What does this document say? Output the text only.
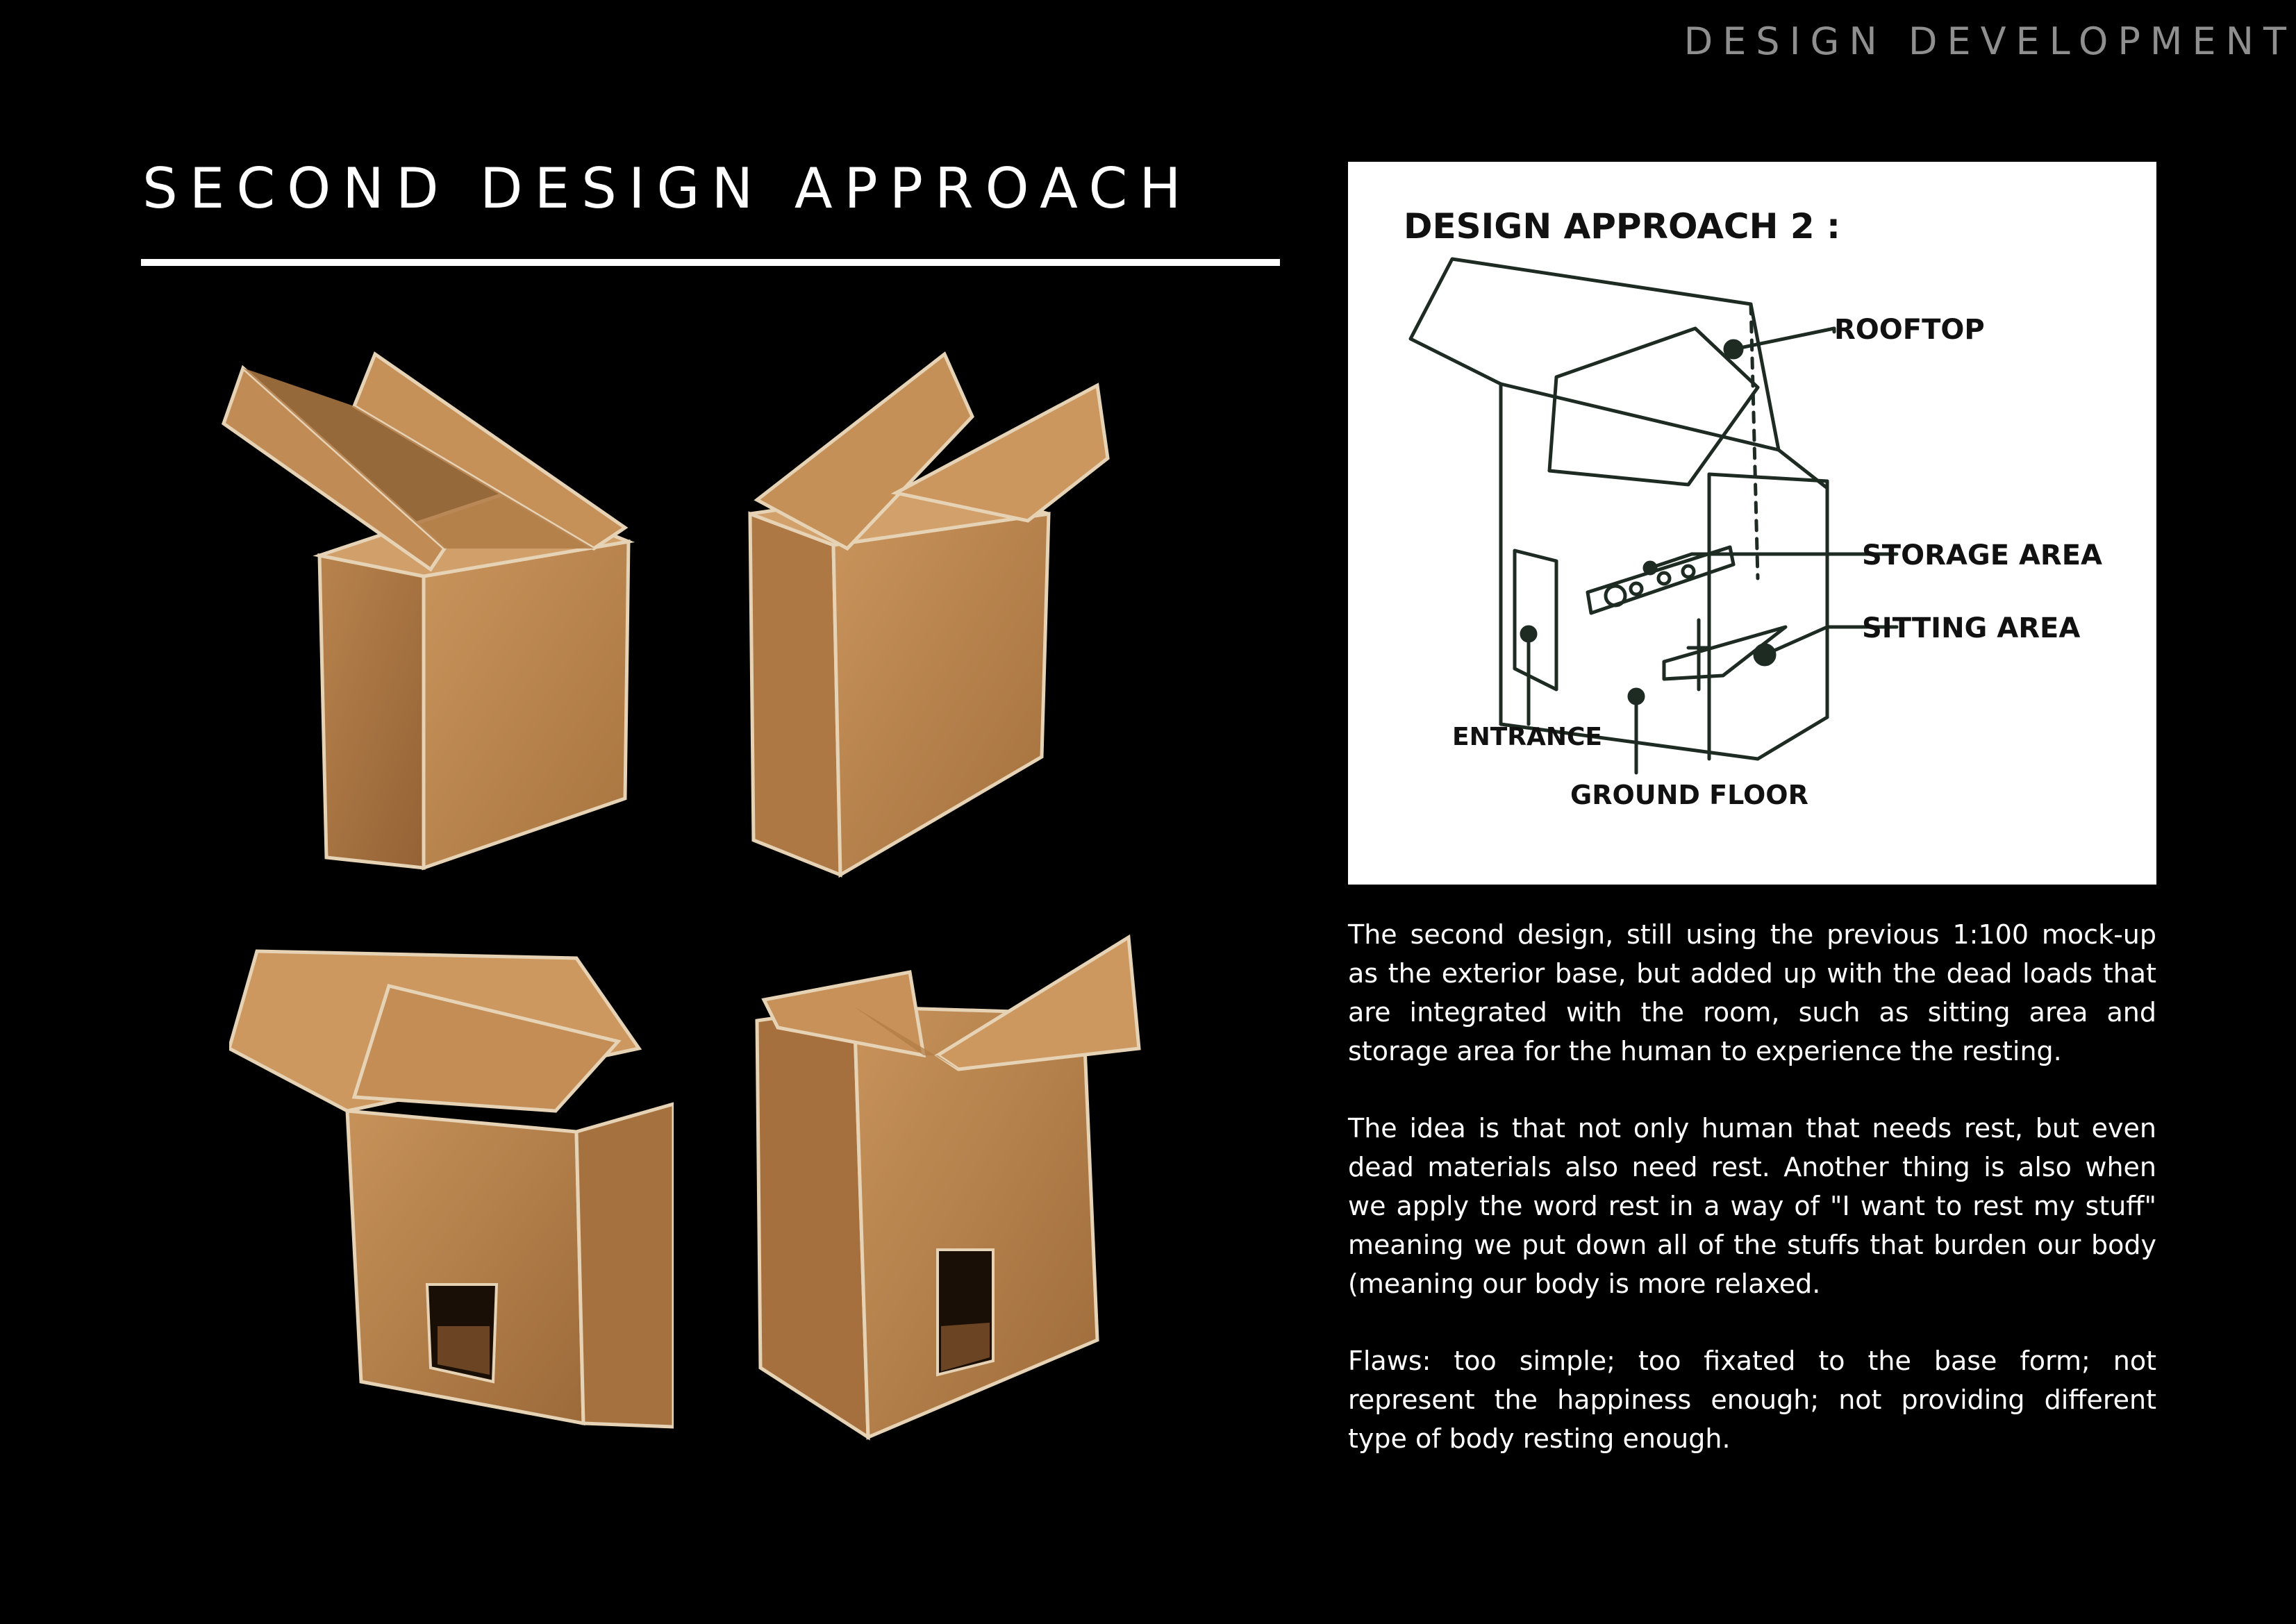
DESIGN DEVELOPMENT
SECOND DESIGN APPROACH
DESIGN APPROACH 2 :
ROOFTOP
STORAGE AREA
SITTING AREA
ENTRANCE
GROUND FLOOR

The second design, still using the previous 1:100 mock-up as the exterior base, but added up with the dead loads that are integrated with the room, such as sitting area and storage area for the human to experience the resting.

The idea is that not only human that needs rest, but even dead materials also need rest. Another thing is also when we apply the word rest in a way of "I want to rest my stuff" meaning we put down all of the stuffs that burden our body (meaning our body is more relaxed.

Flaws: too simple; too fixated to the base form; not represent the happiness enough; not providing different type of body resting enough.
